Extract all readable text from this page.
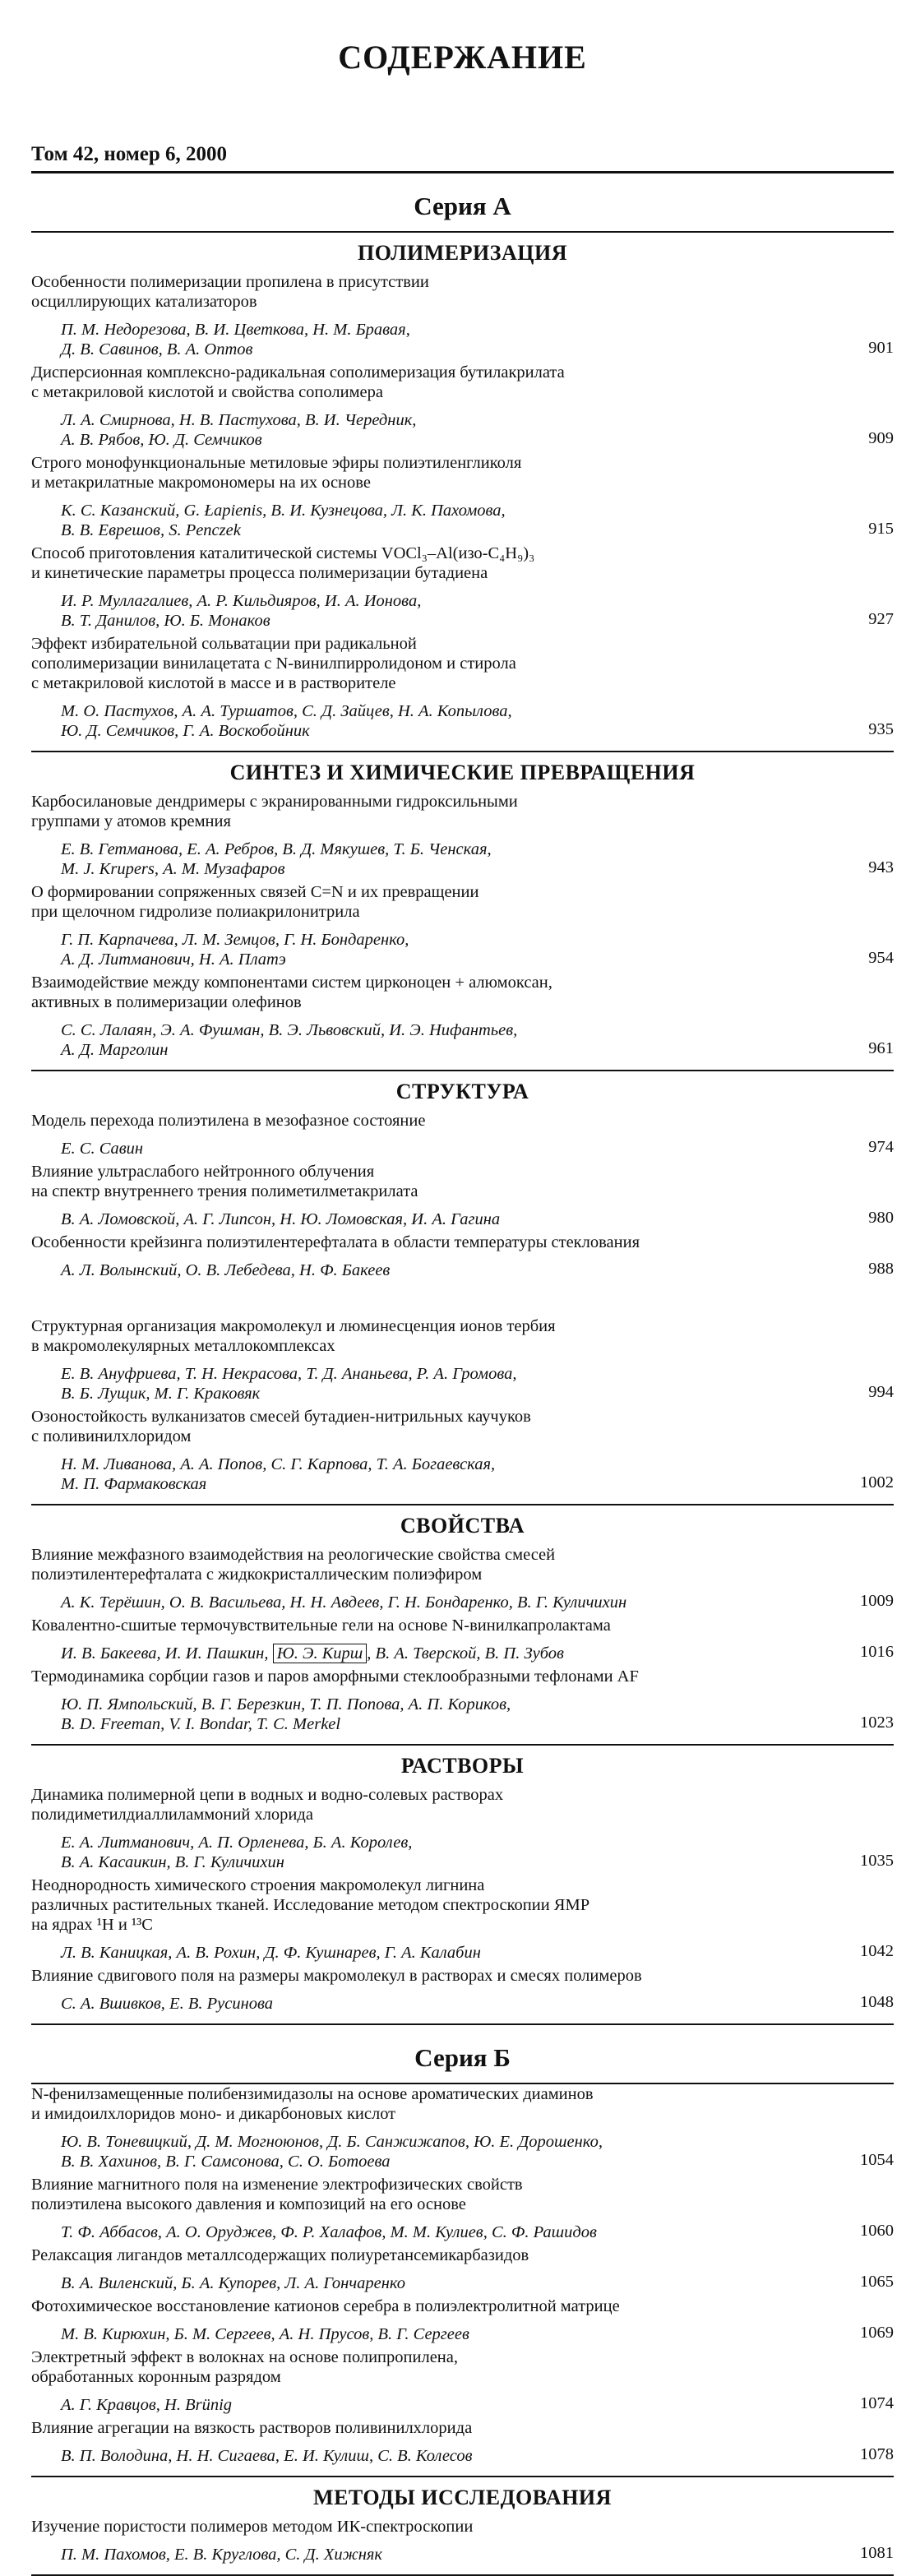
СОДЕРЖАНИЕ
Том 42, номер 6, 2000
Серия А
ПОЛИМЕРИЗАЦИЯ
Особенности полимеризации пропилена в присутствии
осциллирующих катализаторов
П. М. Недорезова, В. И. Цветкова, Н. М. Бравая,
Д. В. Савинов, В. А. Оптов	901
Дисперсионная комплексно-радикальная сополимеризация бутилакрилата
с метакриловой кислотой и свойства сополимера
Л. А. Смирнова, Н. В. Пастухова, В. И. Чередник,
А. В. Рябов, Ю. Д. Семчиков	909
Строго монофункциональные метиловые эфиры полиэтиленгликоля
и метакрилатные макромономеры на их основе
К. С. Казанский, G. Łapienis, В. И. Кузнецова, Л. К. Пахомова,
В. В. Еврешов, S. Penczek	915
Способ приготовления каталитической системы VOCl₃–Al(изо-C₄H₉)₃
и кинетические параметры процесса полимеризации бутадиена
И. Р. Муллагалиев, А. Р. Кильдияров, И. А. Ионова,
В. Т. Данилов, Ю. Б. Монаков	927
Эффект избирательной сольватации при радикальной
сополимеризации винилацетата с N-винилпирролидоном и стирола
с метакриловой кислотой в массе и в растворителе
М. О. Пастухов, А. А. Туршатов, С. Д. Зайцев, Н. А. Копылова,
Ю. Д. Семчиков, Г. А. Воскобойник	935
СИНТЕЗ И ХИМИЧЕСКИЕ ПРЕВРАЩЕНИЯ
Карбосилановые дендримеры с экранированными гидроксильными
группами у атомов кремния
Е. В. Гетманова, Е. А. Ребров, В. Д. Мякушев, Т. Б. Ченская,
M. J. Krupers, А. М. Музафаров	943
О формировании сопряженных связей C=N и их превращении
при щелочном гидролизе полиакрилонитрила
Г. П. Карпачева, Л. М. Земцов, Г. Н. Бондаренко,
А. Д. Литманович, Н. А. Платэ	954
Взаимодействие между компонентами систем цирконоцен + алюмоксан,
активных в полимеризации олефинов
С. С. Лалаян, Э. А. Фушман, В. Э. Львовский, И. Э. Нифантьев,
А. Д. Марголин	961
СТРУКТУРА
Модель перехода полиэтилена в мезофазное состояние
Е. С. Савин	974
Влияние ультраслабого нейтронного облучения
на спектр внутреннего трения полиметилметакрилата
В. А. Ломовской, А. Г. Липсон, Н. Ю. Ломовская, И. А. Гагина	980
Особенности крейзинга полиэтилентерефталата в области температуры стеклования
А. Л. Волынский, О. В. Лебедева, Н. Ф. Бакеев	988
Структурная организация макромолекул и люминесценция ионов тербия
в макромолекулярных металлокомплексах
Е. В. Ануфриева, Т. Н. Некрасова, Т. Д. Ананьева, Р. А. Громова,
В. Б. Лущик, М. Г. Краковяк	994
Озоностойкость вулканизатов смесей бутадиен-нитрильных каучуков
с поливинилхлоридом
Н. М. Ливанова, А. А. Попов, С. Г. Карпова, Т. А. Богаевская,
М. П. Фармаковская	1002
СВОЙСТВА
Влияние межфазного взаимодействия на реологические свойства смесей
полиэтилентерефталата с жидкокристаллическим полиэфиром
А. К. Терёшин, О. В. Васильева, Н. Н. Авдеев, Г. Н. Бондаренко, В. Г. Куличихин	1009
Ковалентно-сшитые термочувствительные гели на основе N-винилкапролактама
И. В. Бакеева, И. И. Пашкин, Ю. Э. Кирш , В. А. Тверской, В. П. Зубов	1016
Термодинамика сорбции газов и паров аморфными стеклообразными тефлонами AF
Ю. П. Ямпольский, В. Г. Березкин, Т. П. Попова, А. П. Кориков,
B. D. Freeman, V. I. Bondar, T. C. Merkel	1023
РАСТВОРЫ
Динамика полимерной цепи в водных и водно-солевых растворах
полидиметилдиаллиламмоний хлорида
Е. А. Литманович, А. П. Орленева, Б. А. Королев,
В. А. Касаикин, В. Г. Куличихин	1035
Неоднородность химического строения макромолекул лигнина
различных растительных тканей. Исследование методом спектроскопии ЯМР
на ядрах ¹H и ¹³C
Л. В. Каницкая, А. В. Рохин, Д. Ф. Кушнарев, Г. А. Калабин	1042
Влияние сдвигового поля на размеры макромолекул в растворах и смесях полимеров
С. А. Вшивков, Е. В. Русинова	1048
Серия Б
N-фенилзамещенные полибензимидазолы на основе ароматических диаминов
и имидоилхлоридов моно- и дикарбоновых кислот
Ю. В. Тоневицкий, Д. М. Могноюнов, Д. Б. Санжижапов, Ю. Е. Дорошенко,
В. В. Хахинов, В. Г. Самсонова, С. О. Ботоева	1054
Влияние магнитного поля на изменение электрофизических свойств
полиэтилена высокого давления и композиций на его основе
Т. Ф. Аббасов, А. О. Оруджев, Ф. Р. Халафов, М. М. Кулиев, С. Ф. Рашидов	1060
Релаксация лигандов металлсодержащих полиуретанcемикарбазидов
В. А. Виленский, Б. А. Купорев, Л. А. Гончаренко	1065
Фотохимическое восстановление катионов серебра в полиэлектролитной матрице
М. В. Кирюхин, Б. М. Сергеев, А. Н. Прусов, В. Г. Сергеев	1069
Электретный эффект в волокнах на основе полипропилена,
обработанных коронным разрядом
А. Г. Кравцов, H. Brünig	1074
Влияние агрегации на вязкость растворов поливинилхлорида
В. П. Володина, Н. Н. Сигаева, Е. И. Кулиш, С. В. Колесов	1078
МЕТОДЫ ИССЛЕДОВАНИЯ
Изучение пористости полимеров методом ИК-спектроскопии
П. М. Пахомов, Е. В. Круглова, С. Д. Хижняк	1081
